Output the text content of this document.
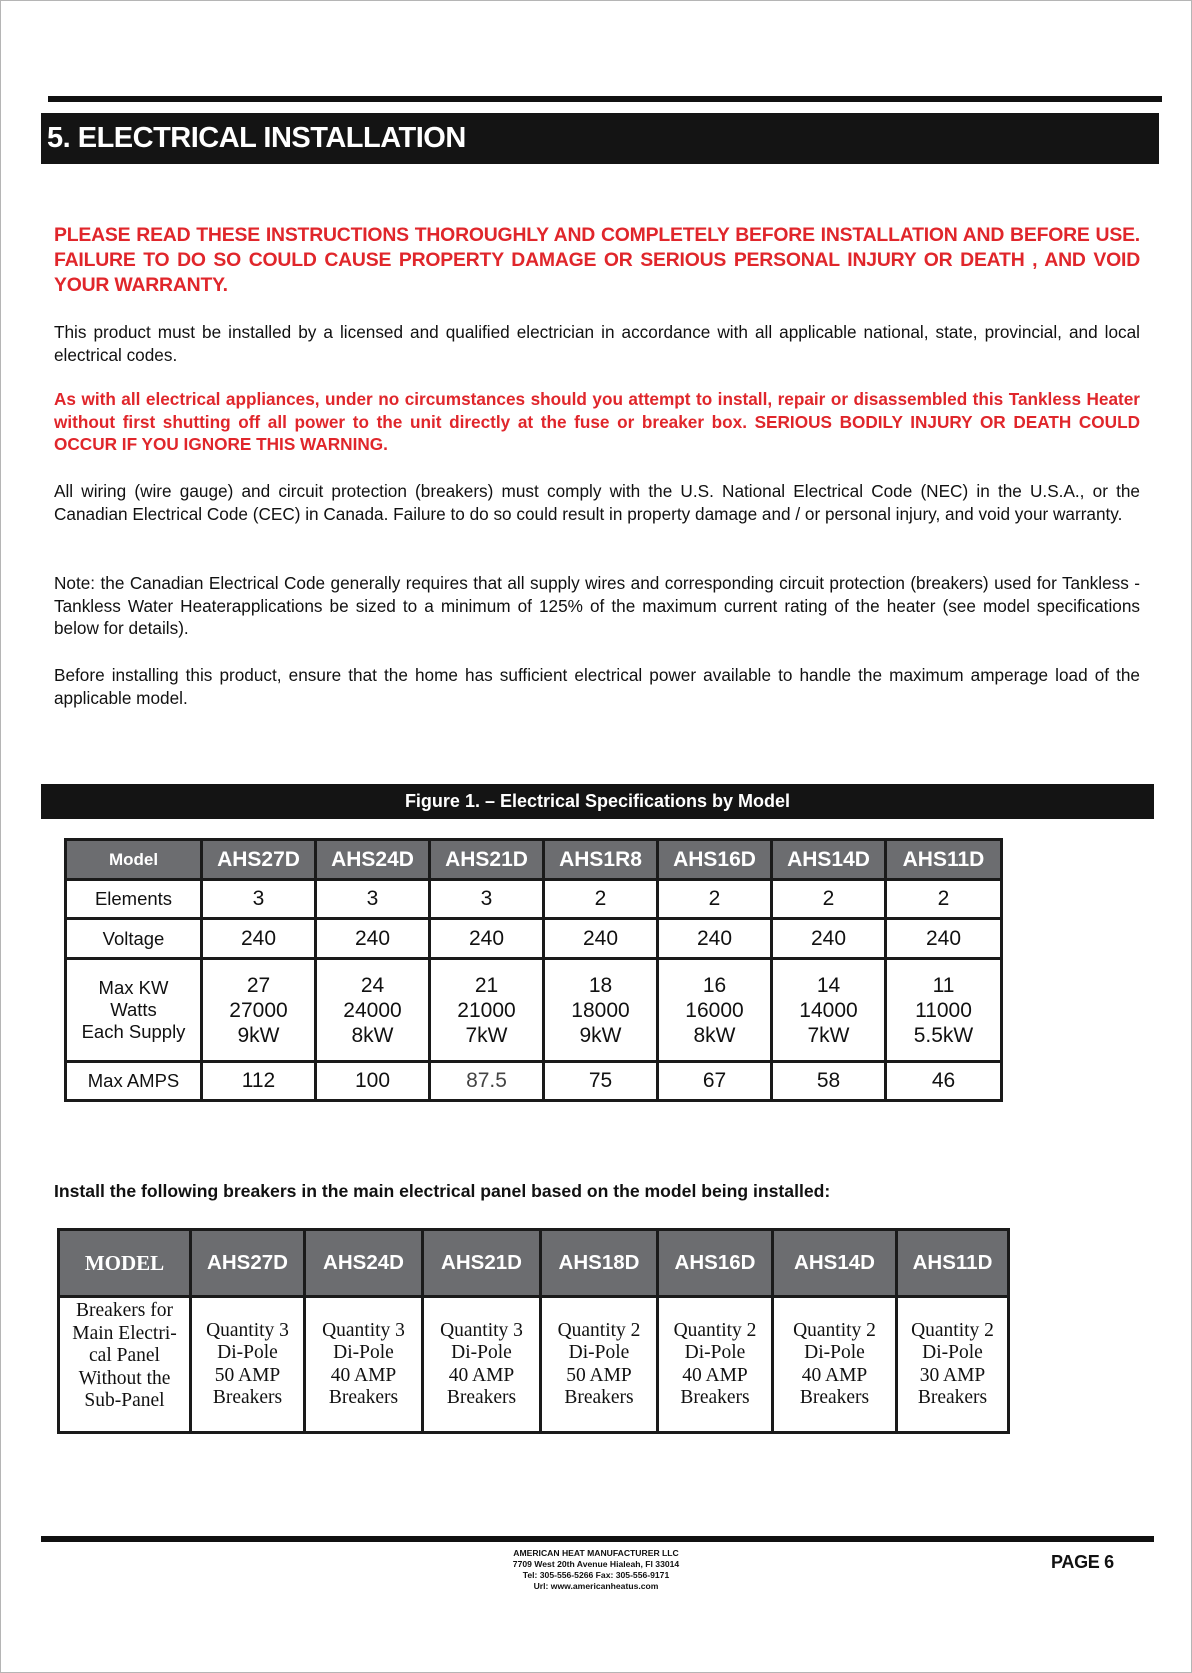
5. ELECTRICAL INSTALLATION

PLEASE READ THESE INSTRUCTIONS THOROUGHLY AND COMPLETELY BEFORE INSTALLATION AND BEFORE USE. FAILURE TO DO SO COULD CAUSE PROPERTY DAMAGE OR SERIOUS PERSONAL INJURY OR DEATH , AND VOID YOUR WARRANTY.

This product must be installed by a licensed and qualified electrician in accordance with all applicable national, state, provincial, and local electrical codes.

As with all electrical appliances, under no circumstances should you attempt to install, repair or disassembled this Tankless Heater without first shutting off all power to the unit directly at the fuse or breaker box. SERIOUS BODILY INJURY OR DEATH COULD OCCUR IF YOU IGNORE THIS WARNING.

All wiring (wire gauge) and circuit protection (breakers) must comply with the U.S. National Electrical Code (NEC) in the U.S.A., or the Canadian Electrical Code (CEC) in Canada. Failure to do so could result in property damage and / or personal injury, and void your warranty.

Note: the Canadian Electrical Code generally requires that all supply wires and corresponding circuit protection (breakers) used for Tankless - Tankless Water Heaterapplications be sized to a minimum of 125% of the maximum current rating of the heater (see model specifications below for details).

Before installing this product, ensure that the home has sufficient electrical power available to handle the maximum amperage load of the applicable model.

Figure 1. – Electrical Specifications by Model
Model	AHS27D	AHS24D	AHS21D	AHS1R8	AHS16D	AHS14D	AHS11D
Elements	3	3	3	2	2	2	2
Voltage	240	240	240	240	240	240	240
Max KW
Watts
Each Supply	27
27000
9kW	24
24000
8kW	21
21000
7kW	18
18000
9kW	16
16000
8kW	14
14000
7kW	11
11000
5.5kW
Max AMPS	112	100	87.5	75	67	58	46

Install the following breakers in the main electrical panel based on the model being installed:

MODEL	AHS27D	AHS24D	AHS21D	AHS18D	AHS16D	AHS14D	AHS11D

Breakers for
Main Electri-
cal Panel
Without the
Sub-Panel	Quantity 3
Di-Pole
50 AMP
Breakers	Quantity 3
Di-Pole
40 AMP
Breakers	Quantity 3
Di-Pole
40 AMP
Breakers	Quantity 2
Di-Pole
50 AMP
Breakers	Quantity 2
Di-Pole
40 AMP
Breakers	Quantity 2
Di-Pole
40 AMP
Breakers	Quantity 2
Di-Pole
30 AMP
Breakers
AMERICAN HEAT MANUFACTURER LLC
7709 West 20th Avenue Hialeah, Fl 33014
Tel: 305-556-5266 Fax: 305-556-9171
Url: www.americanheatus.com
PAGE 6
